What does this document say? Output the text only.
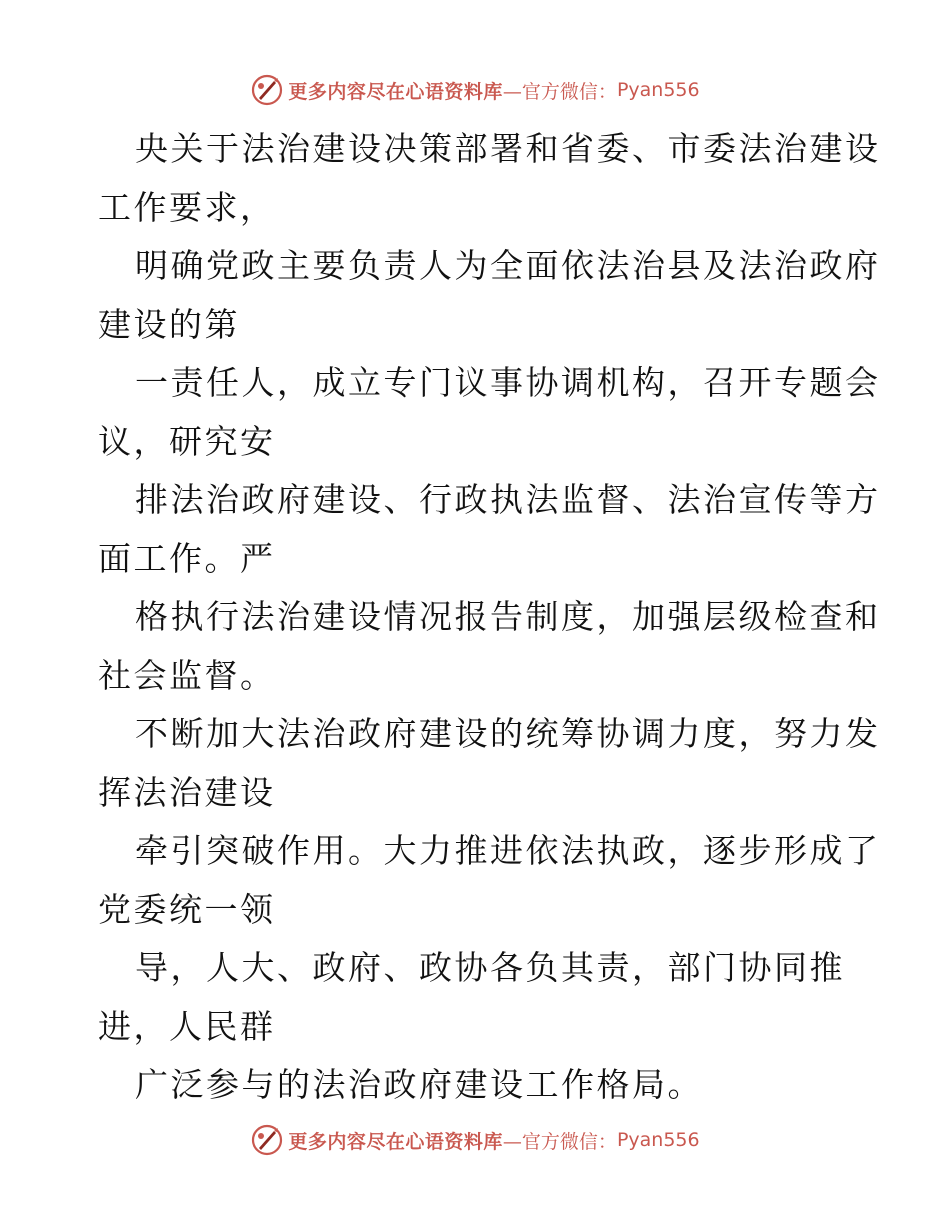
更多内容尽在心语资料库 —官方微信： Pyan556
央关于法治建设决策部署和省委、市委法治建设
工作要求，
明确党政主要负责人为全面依法治县及法治政府
建设的第
一责任人，成立专门议事协调机构，召开专题会
议，研究安
排法治政府建设、行政执法监督、法治宣传等方
面工作。严
格执行法治建设情况报告制度，加强层级检查和
社会监督。
不断加大法治政府建设的统筹协调力度，努力发
挥法治建设
牵引突破作用。大力推进依法执政，逐步形成了
党委统一领
导，人大、政府、政协各负其责，部门协同推
进，人民群
广泛参与的法治政府建设工作格局。
更多内容尽在心语资料库 —官方微信： Pyan556
